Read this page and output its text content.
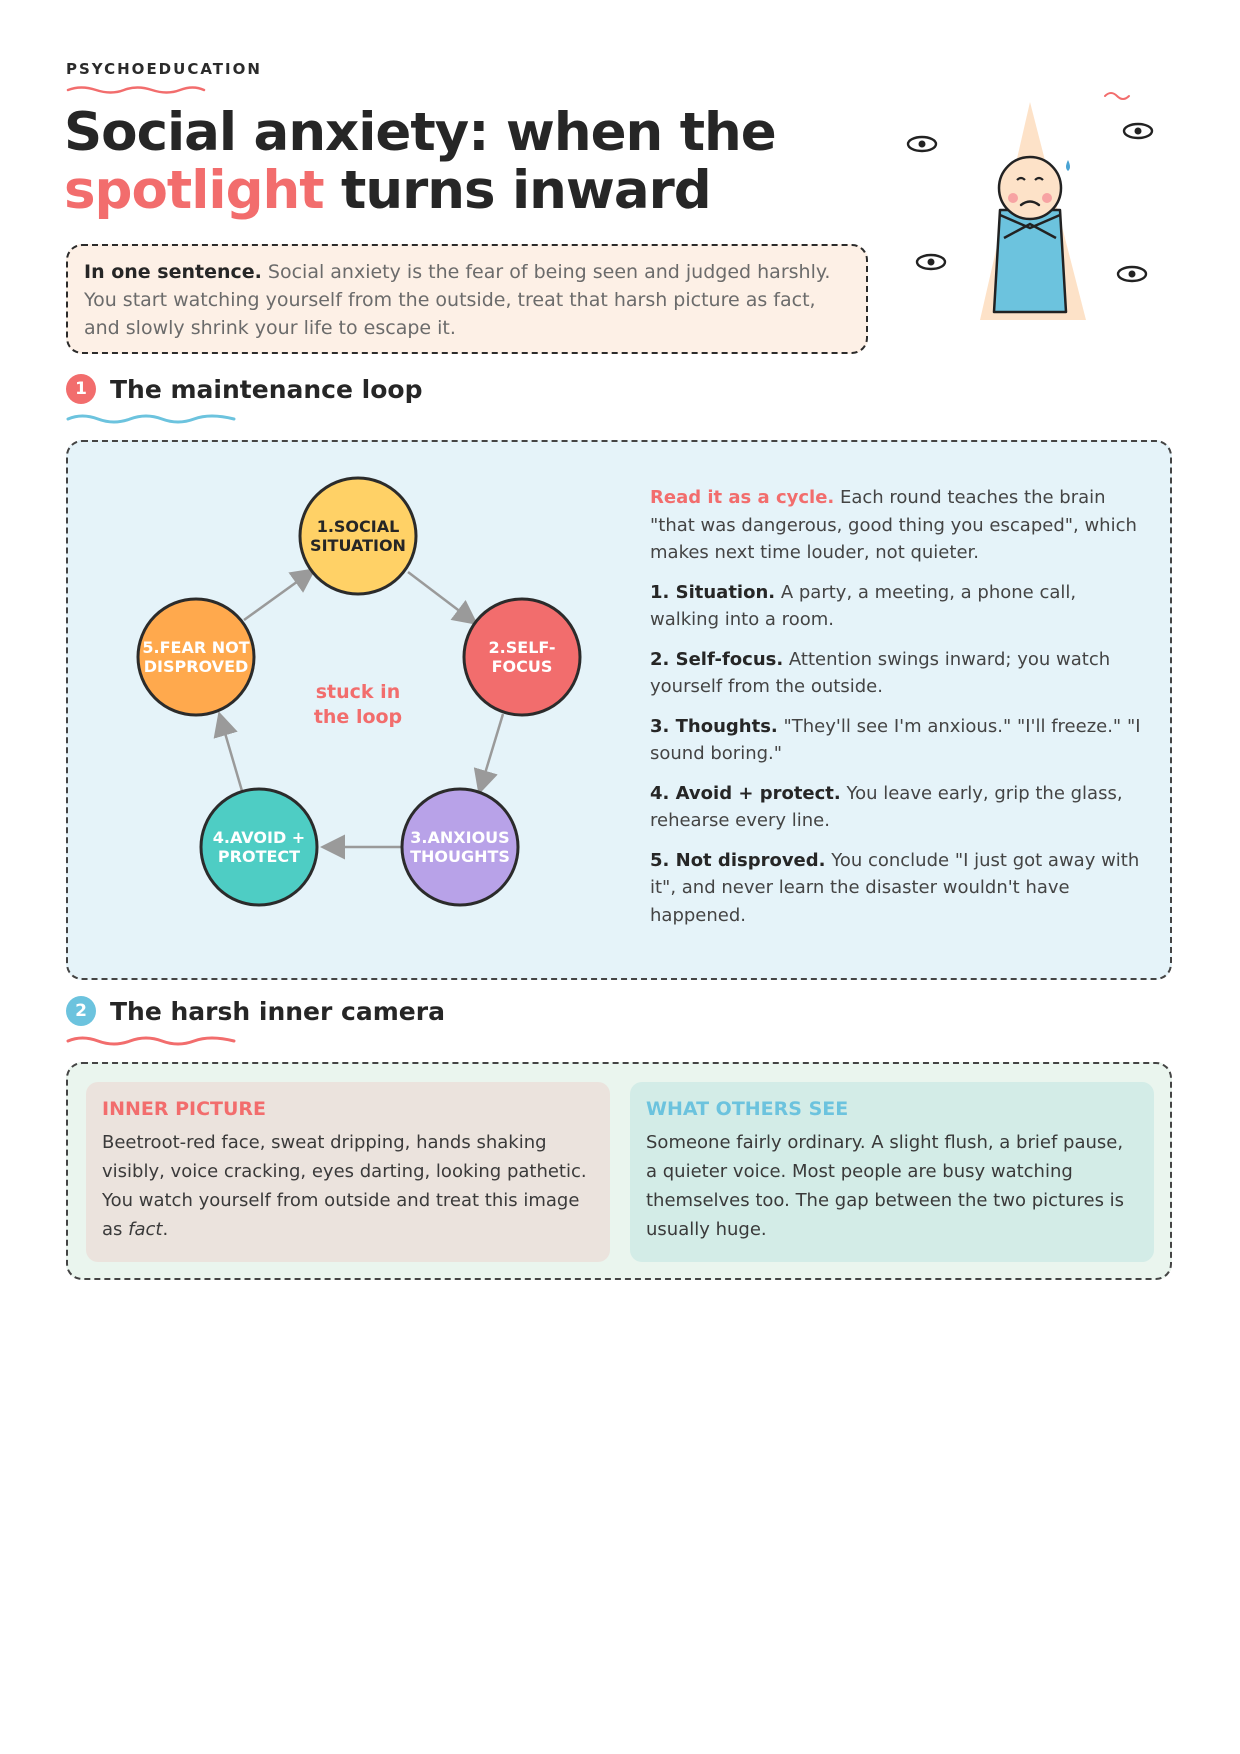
PSYCHOEDUCATION
Social anxiety: when the
spotlight turns inward
In one sentence. Social anxiety is the fear of being seen and judged harshly. You start watching yourself from the outside, treat that harsh picture as fact, and slowly shrink your life to escape it.
1 The maintenance loop
1.SOCIAL
SITUATION
2.SELF-
FOCUS
3.ANXIOUS
THOUGHTS
4.AVOID +
PROTECT
5.FEAR NOT
DISPROVED
stuck in
the loop

Read it as a cycle. Each round teaches the brain "that was dangerous, good thing you escaped", which makes next time louder, not quieter.

1. Situation. A party, a meeting, a phone call, walking into a room.

2. Self-focus. Attention swings inward; you watch yourself from the outside.

3. Thoughts. "They'll see I'm anxious." "I'll freeze." "I sound boring."

4. Avoid + protect. You leave early, grip the glass, rehearse every line.

5. Not disproved. You conclude "I just got away with it", and never learn the disaster wouldn't have happened.

2 The harsh inner camera
INNER PICTURE
Beetroot-red face, sweat dripping, hands shaking visibly, voice cracking, eyes darting, looking pathetic. You watch yourself from outside and treat this image as fact.
WHAT OTHERS SEE
Someone fairly ordinary. A slight flush, a brief pause, a quieter voice. Most people are busy watching themselves too. The gap between the two pictures is usually huge.
